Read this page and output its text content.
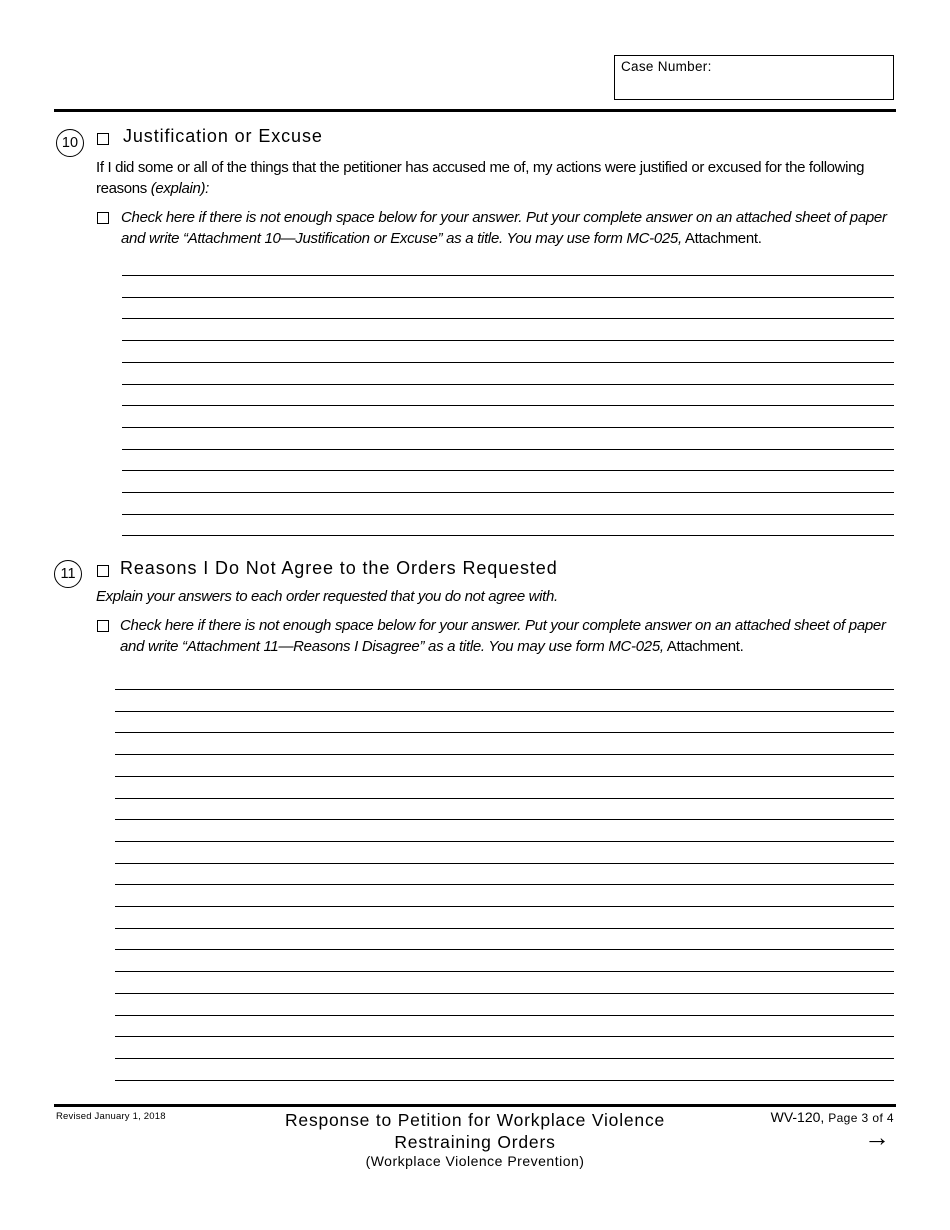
Case Number:
10	Justification or Excuse
If I did some or all of the things that the petitioner has accused me of, my actions were justified or excused for the following reasons (explain):
Check here if there is not enough space below for your answer. Put your complete answer on an attached sheet of paper and write “Attachment 10—Justification or Excuse” as a title. You may use form MC-025, Attachment.
11	Reasons I Do Not Agree to the Orders Requested
Explain your answers to each order requested that you do not agree with.
Check here if there is not enough space below for your answer. Put your complete answer on an attached sheet of paper and write “Attachment 11—Reasons I Disagree” as a title. You may use form MC-025, Attachment.
Revised January 1, 2018	Response to Petition for Workplace Violence
Restraining Orders
(Workplace Violence Prevention)
WV-120, Page 3 of 4
→
